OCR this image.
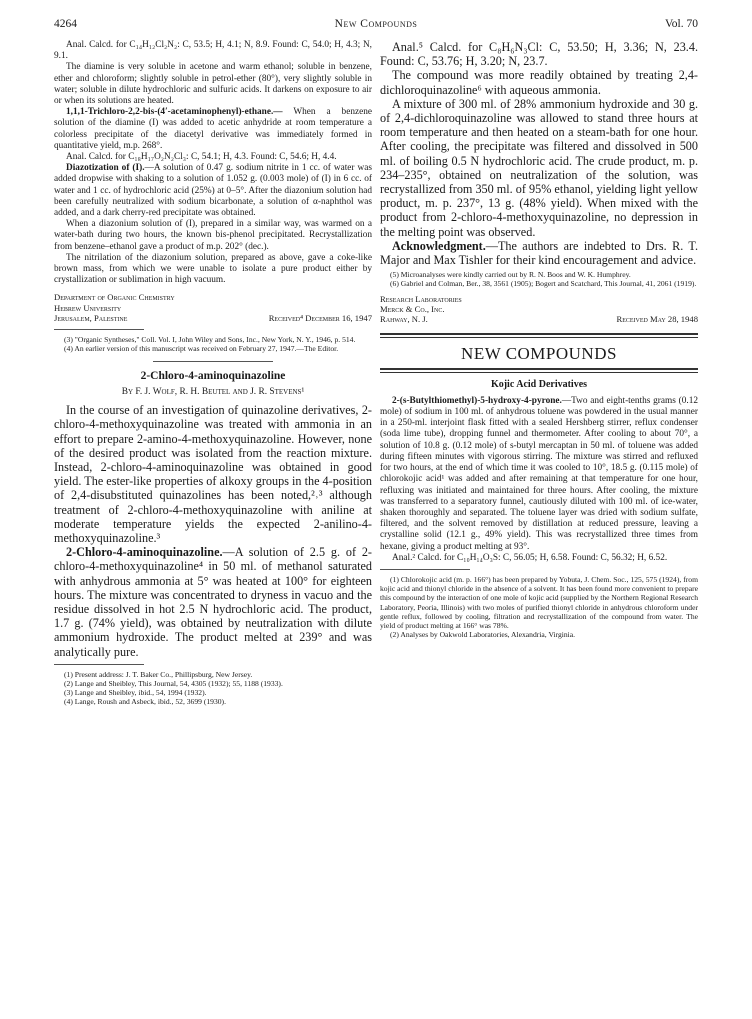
4264	New Compounds	Vol. 70

Anal. Calcd. for C₁₄H₁₂Cl₂N₂: C, 53.5; H, 4.1; N, 8.9. Found: C, 54.0; H, 4.3; N, 9.1.

The diamine is very soluble in acetone and warm ethanol; soluble in benzene, ether and chloroform; slightly soluble in petrol-ether (80°), very slightly soluble in water; soluble in dilute hydrochloric and sulfuric acids. It darkens on exposure to air or when its solutions are heated.

1,1,1-Trichloro-2,2-bis-(4′-acetaminophenyl)-ethane.— When a benzene solution of the diamine (I) was added to acetic anhydride at room temperature a colorless precipitate of the diacetyl derivative was immediately formed in quantitative yield, m.p. 268°.

Anal. Calcd. for C₁₈H₁₇O₂N₂Cl₃: C, 54.1; H, 4.3. Found: C, 54.6; H, 4.4.

Diazotization of (I).—A solution of 0.47 g. sodium nitrite in 1 cc. of water was added dropwise with shaking to a solution of 1.052 g. (0.003 mole) of (I) in 6 cc. of water and 1 cc. of hydrochloric acid (25%) at 0–5°. After the diazonium solution had been carefully neutralized with sodium bicarbonate, a solution of α-naphthol was added, and a dark cherry-red precipitate was obtained.

When a diazonium solution of (I), prepared in a similar way, was warmed on a water-bath during two hours, the known bis-phenol precipitated. Recrystallization from benzene–ethanol gave a product of m.p. 202° (dec.).

The nitrilation of the diazonium solution, prepared as above, gave a coke-like brown mass, from which we were unable to isolate a pure product either by crystallization or sublimation in high vacuum.

Department of Organic Chemistry
Hebrew University
Jerusalem, Palestine	Received⁴ December 16, 1947

(3) "Organic Syntheses," Coll. Vol. I, John Wiley and Sons, Inc., New York, N. Y., 1946, p. 514.

(4) An earlier version of this manuscript was received on February 27, 1947.—The Editor.

2-Chloro-4-aminoquinazoline
By F. J. Wolf, R. H. Beutel and J. R. Stevens¹

In the course of an investigation of quinazoline derivatives, 2-chloro-4-methoxyquinazoline was treated with ammonia in an effort to prepare 2-amino-4-methoxyquinazoline. However, none of the desired product was isolated from the reaction mixture. Instead, 2-chloro-4-aminoquinazoline was obtained in good yield. The ester-like properties of alkoxy groups in the 4-position of 2,4-disubstituted quinazolines has been noted,²˒³ although treatment of 2-chloro-4-methoxyquinazoline with aniline at moderate temperature yields the expected 2-anilino-4-methoxyquinazoline.³

2-Chloro-4-aminoquinazoline.—A solution of 2.5 g. of 2-chloro-4-methoxyquinazoline⁴ in 50 ml. of methanol saturated with anhydrous ammonia at 5° was heated at 100° for eighteen hours. The mixture was concentrated to dryness in vacuo and the residue dissolved in hot 2.5 N hydrochloric acid. The product, 1.7 g. (74% yield), was obtained by neutralization with dilute ammonium hydroxide. The product melted at 239° and was analytically pure.

(1) Present address: J. T. Baker Co., Phillipsburg, New Jersey.

(2) Lange and Sheibley, This Journal, 54, 4305 (1932); 55, 1188 (1933).

(3) Lange and Sheibley, ibid., 54, 1994 (1932).

(4) Lange, Roush and Asbeck, ibid., 52, 3699 (1930).

Anal.⁵ Calcd. for C₈H₆N₃Cl: C, 53.50; H, 3.36; N, 23.4. Found: C, 53.76; H, 3.20; N, 23.7.

The compound was more readily obtained by treating 2,4-dichloroquinazoline⁶ with aqueous ammonia.

A mixture of 300 ml. of 28% ammonium hydroxide and 30 g. of 2,4-dichloroquinazoline was allowed to stand three hours at room temperature and then heated on a steam-bath for one hour. After cooling, the precipitate was filtered and dissolved in 500 ml. of boiling 0.5 N hydrochloric acid. The crude product, m. p. 234–235°, obtained on neutralization of the solution, was recrystallized from 350 ml. of 95% ethanol, yielding light yellow product, m. p. 237°, 13 g. (48% yield). When mixed with the product from 2-chloro-4-methoxyquinazoline, no depression in the melting point was observed.

Acknowledgment.—The authors are indebted to Drs. R. T. Major and Max Tishler for their kind encouragement and advice.

(5) Microanalyses were kindly carried out by R. N. Boos and W. K. Humphrey.

(6) Gabriel and Colman, Ber., 38, 3561 (1905); Bogert and Scatchard, This Journal, 41, 2061 (1919).

Research Laboratories
Merck & Co., Inc.
Rahway, N. J.	Received May 28, 1948
NEW COMPOUNDS
Kojic Acid Derivatives

2-(s-Butylthiomethyl)-5-hydroxy-4-pyrone.—Two and eight-tenths grams (0.12 mole) of sodium in 100 ml. of anhydrous toluene was powdered in the usual manner in a 250-ml. interjoint flask fitted with a sealed Hershberg stirrer, reflux condenser (soda lime tube), dropping funnel and thermometer. After cooling to about 70°, a solution of 10.8 g. (0.12 mole) of s-butyl mercaptan in 50 ml. of toluene was added during fifteen minutes with vigorous stirring. The mixture was stirred and refluxed for two hours, at the end of which time it was cooled to 10°, 18.5 g. (0.115 mole) of chlorokojic acid¹ was added and after remaining at that temperature for one hour, refluxing was initiated and maintained for three hours. After cooling, the mixture was transferred to a separatory funnel, cautiously diluted with 100 ml. of ice-water, shaken thoroughly and separated. The toluene layer was dried with sodium sulfate, filtered, and the solvent removed by distillation at reduced pressure, leaving a crystalline solid (12.1 g., 49% yield). This was recrystallized three times from hexane, giving a product melting at 93°.

Anal.² Calcd. for C₁₀H₁₄O₃S: C, 56.05; H, 6.58. Found: C, 56.32; H, 6.52.

(1) Chlorokojic acid (m. p. 166°) has been prepared by Yobuta, J. Chem. Soc., 125, 575 (1924), from kojic acid and thionyl chloride in the absence of a solvent. It has been found more convenient to prepare this compound by the interaction of one mole of kojic acid (supplied by the Northern Regional Research Laboratory, Peoria, Illinois) with two moles of purified thionyl chloride in anhydrous chloroform under gentle reflux, followed by cooling, filtration and recrystallization of the compound from water. The yield of product melting at 166° was 78%.

(2) Analyses by Oakwold Laboratories, Alexandria, Virginia.
